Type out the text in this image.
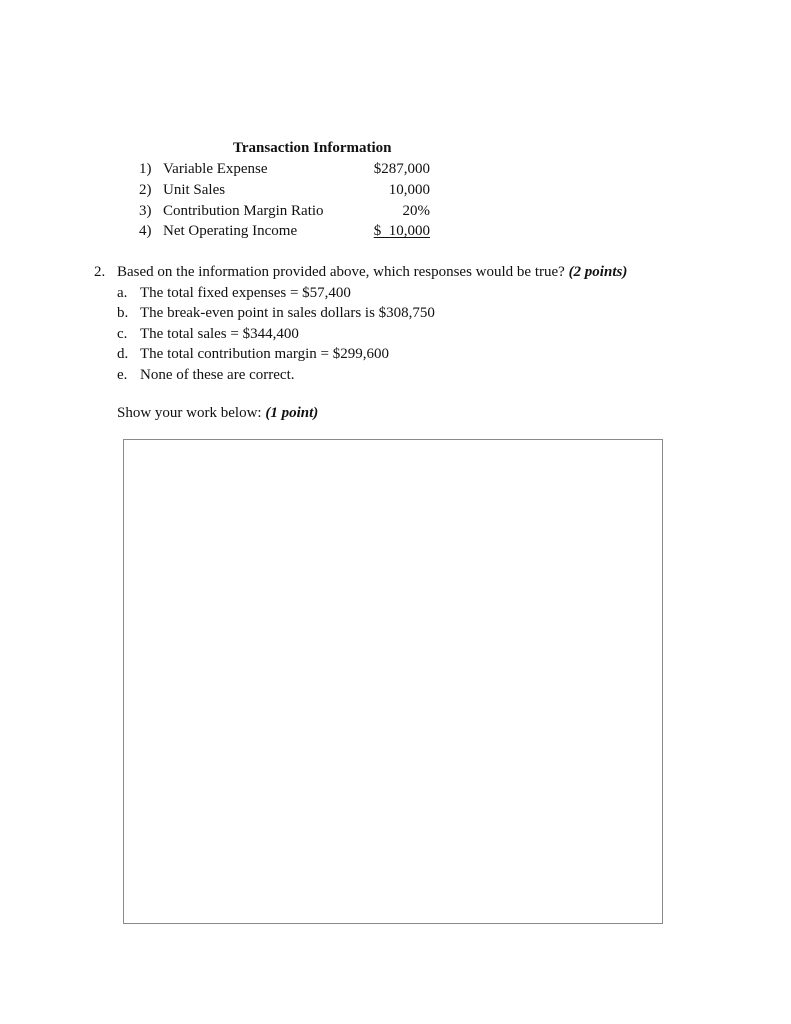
Transaction Information
1) Variable Expense	$287,000
2) Unit Sales	10,000
3) Contribution Margin Ratio	20%
4) Net Operating Income	$  10,000
2. Based on the information provided above, which responses would be true? (2 points)
a. The total fixed expenses = $57,400
b. The break-even point in sales dollars is $308,750
c. The total sales = $344,400
d. The total contribution margin = $299,600
e. None of these are correct.
Show your work below: (1 point)
